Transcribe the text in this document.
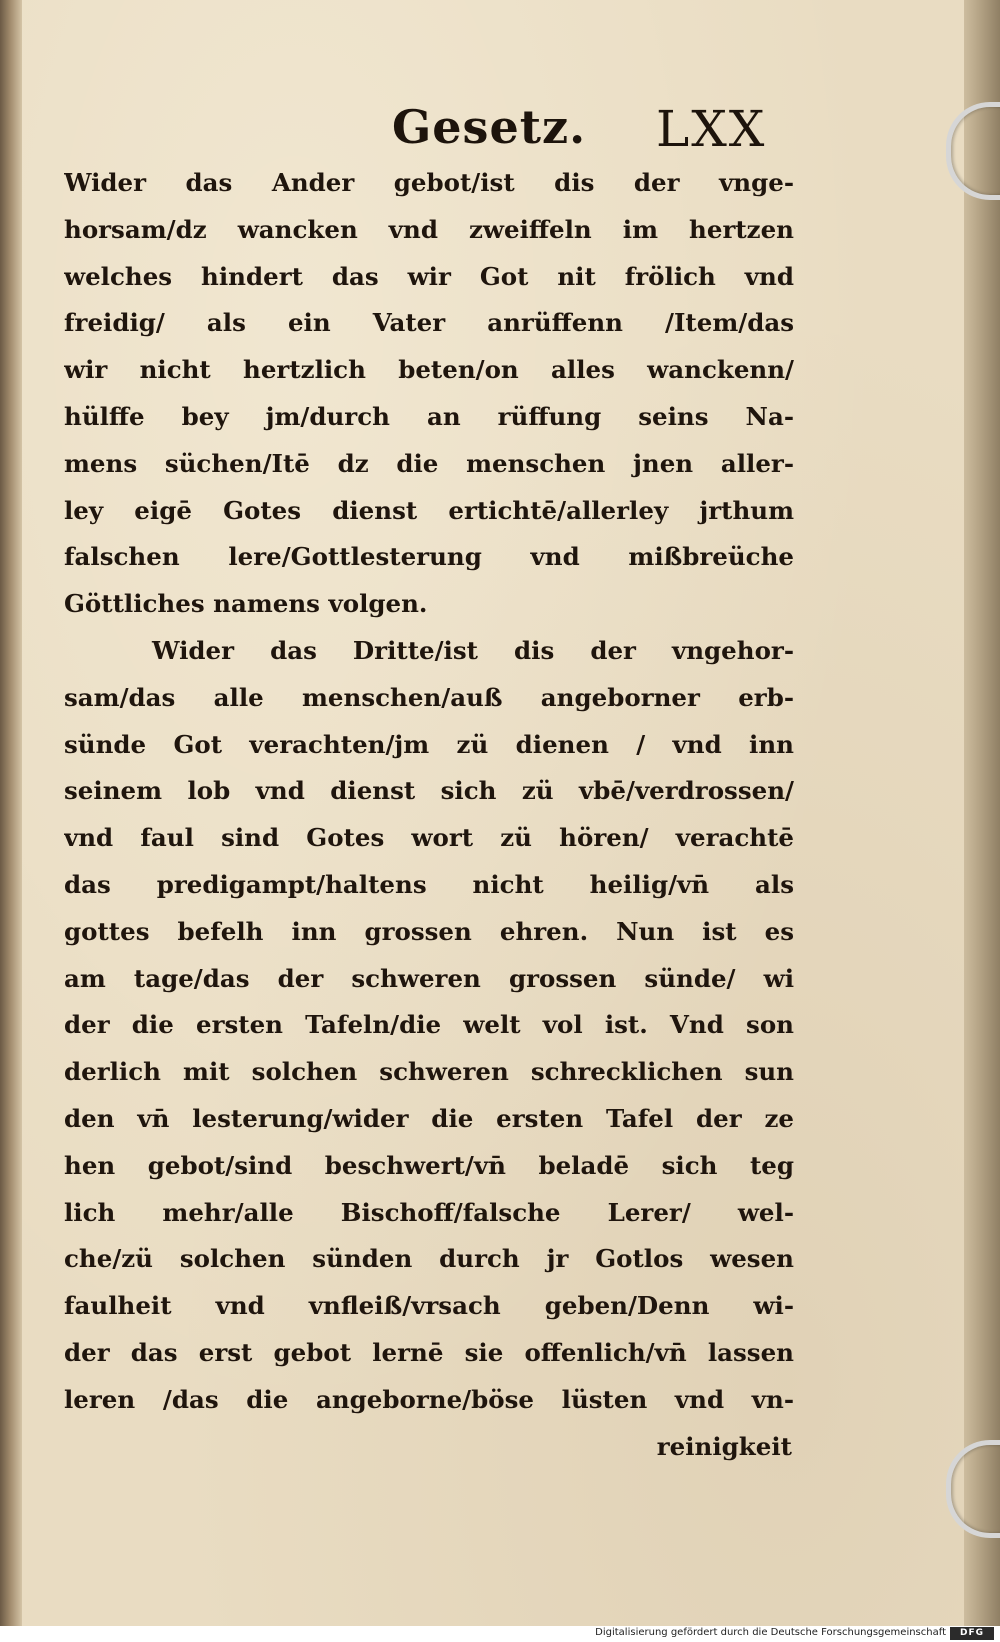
Gesetz. LXX
Wider das Ander gebot/ist dis der vnge-
horsam/dz wancken vnd zweiffeln im hertzen
welches hindert das wir Got nit frölich vnd
freidig/ als ein Vater anrüffenn /Item/das
wir nicht hertzlich beten/on alles wanckenn/
hülffe bey jm/durch an rüffung seins Na-
mens süchen/Itē dz die menschen jnen aller-
ley eigē Gotes dienst ertichtē/allerley jrthum
falschen lere/Gottlesterung vnd mißbreüche
Göttliches namens volgen.
Wider das Dritte/ist dis der vngehor-
sam/das alle menschen/auß angeborner erb-
sünde Got verachten/jm zü dienen / vnd inn
seinem lob vnd dienst sich zü vbē/verdrossen/
vnd faul sind Gotes wort zü hören/ verachtē
das predigampt/haltens nicht heilig/vn̄ als
gottes befelh inn grossen ehren. Nun ist es
am tage/das der schweren grossen sünde/ wi
der die ersten Tafeln/die welt vol ist. Vnd son
derlich mit solchen schweren schrecklichen sun
den vn̄ lesterung/wider die ersten Tafel der ze
hen gebot/sind beschwert/vn̄ beladē sich teg
lich mehr/alle Bischoff/falsche Lerer/ wel-
che/zü solchen sünden durch jr Gotlos wesen
faulheit vnd vnfleiß/vrsach geben/Denn wi-
der das erst gebot lernē sie offenlich/vn̄ lassen
leren /das die angeborne/böse lüsten vnd vn-
reinigkeit
Digitalisierung gefördert durch die Deutsche Forschungsgemeinschaft	DFG
